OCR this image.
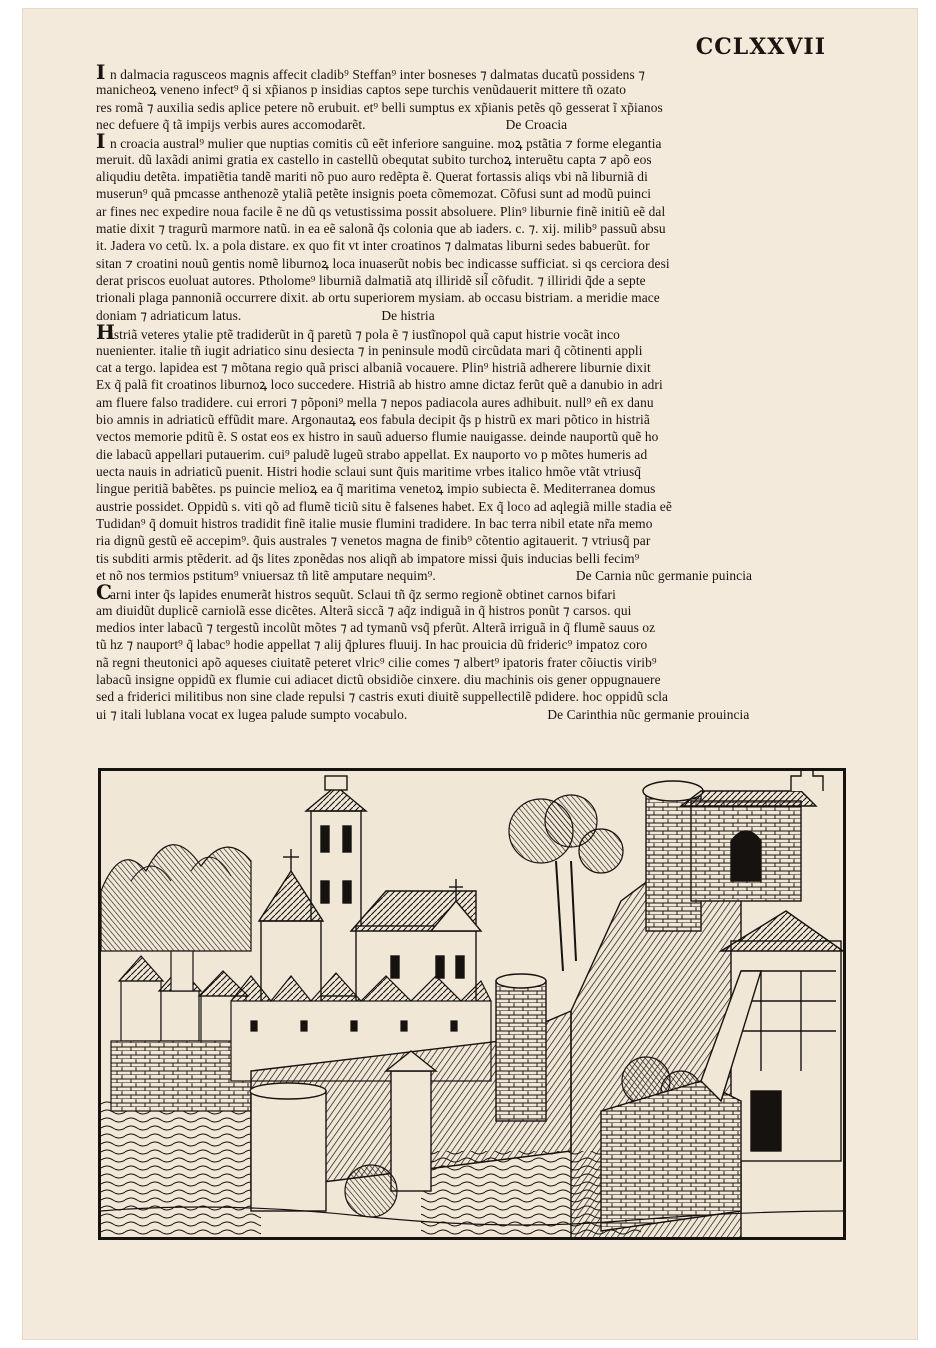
CCLXXVII
I n dalmacia ragusceos magnis affecit cladib⁹ Steffan⁹ inter bosneses ⁊ dalmatas ducatũ possidens ⁊
manicheoꝝ veneno infect⁹ q̃ si xp̃ianos p insidias captos sepe turchis venũdauerit mittere tñ ozato
res romã ⁊ auxilia sedis aplice petere nõ erubuit. et⁹ belli sumptus ex xp̃ianis petẽs qõ gesserat ĩ xp̃ianos
nec defuere q̃ tã impijs verbis aures accomodarẽt.	De Croacia
I n croacia austral⁹ mulier que nuptias comitis cũ eẽt inferiore sanguine. moꝝ pstãtia ⁊ forme elegantia
meruit. dũ laxãdi animi gratia ex castello in castellũ obequtat subito turchoꝝ interuẽtu capta ⁊ apõ eos
aliqudiu detẽta. impatiẽtia tandẽ mariti nõ puo auro redẽpta ẽ. Querat fortassis aliqs vbi nã liburniã di
muserun⁹ quã pmcasse anthenozẽ ytaliã petẽte insignis poeta cõmemozat. Cõfusi sunt ad modũ puinci
ar fines nec expedire noua facile ẽ ne dũ qs vetustissima possit absoluere. Plin⁹ liburnie finẽ initiũ eẽ dal
matie dixit ⁊ tragurũ marmore natũ. in ea eẽ salonã q̃s colonia que ab iaders. c. ⁊. xij. milib⁹ passuũ absu
it. Jadera vo cetũ. lx. a pola distare. ex quo fit vt inter croatinos ⁊ dalmatas liburni sedes babuerũt. for
sitan ⁊ croatini nouũ gentis nomẽ liburnoꝝ loca inuaserũt nobis bec indicasse sufficiat. si qs cerciora desi
derat priscos euoluat autores. Ptholome⁹ liburniã dalmatiã atq illiridẽ sil̃ cõfudit. ⁊ illiridi q̃de a septe
trionali plaga pannoniã occurrere dixit. ab ortu superiorem mysiam. ab occasu bistriam. a meridie mace
doniam ⁊ adriaticum latus.	De histria
Histriã veteres ytalie ptẽ tradiderũt in q̃ paretũ ⁊ pola ẽ ⁊ iustĩnopol quã caput histrie vocãt inco
nuenienter. italie tñ iugit adriatico sinu desiecta ⁊ in peninsule modũ circũdata mari q̃ cõtinenti appli
cat a tergo. lapidea est ⁊ mõtana regio quã prisci albaniã vocauere. Plin⁹ histriã adherere liburnie dixit
Ex q̃ palã fit croatinos liburnoꝝ loco succedere. Histriã ab histro amne dictaz ferũt quẽ a danubio in adri
am fluere falso tradidere. cui errori ⁊ põponi⁹ mella ⁊ nepos padiacola aures adhibuit. null⁹ eñ ex danu
bio amnis in adriaticũ effũdit mare. Argonautaꝝ eos fabula decipit q̃s p histrũ ex mari põtico in histriã
vectos memorie pditũ ẽ. S ostat eos ex histro in sauũ aduerso flumie nauigasse. deinde nauportũ quẽ ho
die labacũ appellari putauerim. cui⁹ paludẽ lugeũ strabo appellat. Ex nauporto vo p mõtes humeris ad
uecta nauis in adriaticũ puenit. Histri hodie sclaui sunt q̃uis maritime vrbes italico hmõe vtãt vtriusq̃
lingue peritiã babẽtes. ps puincie melioꝝ ea q̃ maritima venetoꝝ impio subiecta ẽ. Mediterranea domus
austrie possidet. Oppidũ s. viti qõ ad flumẽ ticiũ situ ẽ falsenes habet. Ex q̃ loco ad aqlegiã mille stadia eẽ
Tudidan⁹ q̃ domuit histros tradidit finẽ italie musie flumini tradidere. In bac terra nibil etate nr̃a memo
ria dignũ gestũ eẽ accepim⁹. q̃uis australes ⁊ venetos magna de finib⁹ cõtentio agitauerit. ⁊ vtriusq̃ par
tis subditi armis ptẽderit. ad q̃s lites zponẽdas nos aliqñ ab impatore missi q̃uis inducias belli fecim⁹
et nõ nos termios pstitum⁹ vniuersaz tñ litẽ amputare nequim⁹.	De Carnia nũc germanie puincia
Carni inter q̃s lapides enumerãt histros sequũt. Sclaui tñ q̃z sermo regionẽ obtinet carnos bifari
am diuidũt duplicẽ carniolã esse dicẽtes. Alterã siccã ⁊ aq̃z indiguã in q̃ histros ponũt ⁊ carsos. qui
medios inter labacũ ⁊ tergestũ incolũt mõtes ⁊ ad tymanũ vsq̃ pferũt. Alterã irriguã in q̃ flumẽ sauus oz
tũ hz ⁊ nauport⁹ q̃ labac⁹ hodie appellat ⁊ alij q̃plures fluuij. In hac prouicia dũ frideric⁹ impatoz coro
nã regni theutonici apõ aqueses ciuitatẽ peteret vlric⁹ cilie comes ⁊ albert⁹ ipatoris frater cõiuctis virib⁹
labacũ insigne oppidũ ex flumie cui adiacet dictũ obsidiõe cinxere. diu machinis ois gener oppugnauere
sed a friderici militibus non sine clade repulsi ⁊ castris exuti diuitẽ suppellectilẽ pdidere. hoc oppidũ scla
ui ⁊ itali lublana vocat ex lugea palude sumpto vocabulo.	De Carinthia nũc germanie prouincia
